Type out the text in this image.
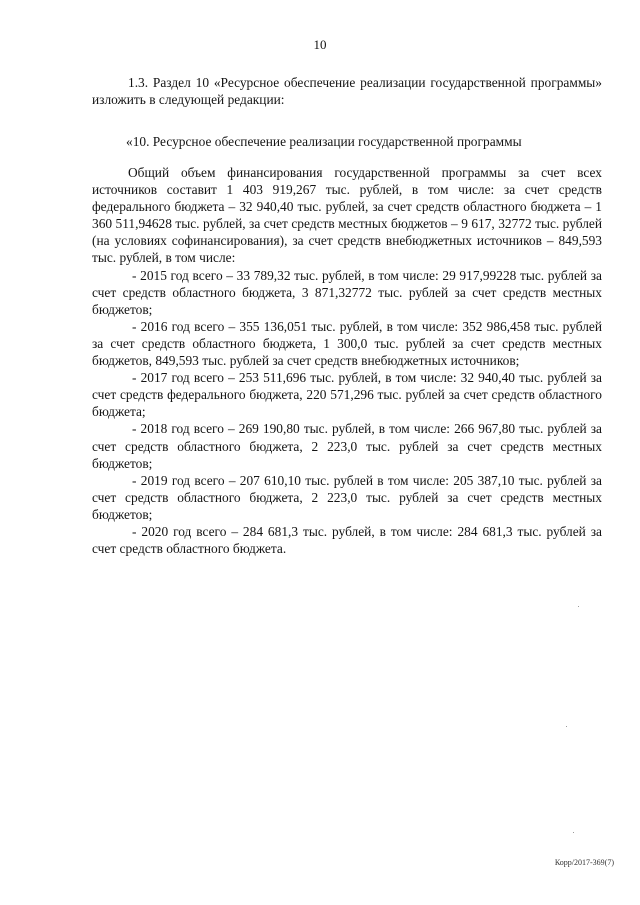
10

1.3. Раздел 10 «Ресурсное обеспечение реализации государственной программы» изложить в следующей редакции:

«10. Ресурсное обеспечение реализации государственной программы

Общий объем финансирования государственной программы за счет всех источников составит 1 403 919,267 тыс. рублей, в том числе: за счет средств федерального бюджета – 32 940,40 тыс. рублей, за счет средств областного бюджета – 1 360 511,94628 тыс. рублей, за счет средств местных бюджетов – 9 617, 32772 тыс. рублей (на условиях софинансирования), за счет средств внебюджетных источников – 849,593 тыс. рублей, в том числе:

- 2015 год всего – 33 789,32 тыс. рублей, в том числе: 29 917,99228 тыс. рублей за счет средств областного бюджета, 3 871,32772 тыс. рублей за счет средств местных бюджетов;

- 2016 год всего – 355 136,051 тыс. рублей, в том числе: 352 986,458 тыс. рублей за счет средств областного бюджета, 1 300,0 тыс. рублей за счет средств местных бюджетов, 849,593 тыс. рублей за счет средств внебюджетных источников;

- 2017 год всего – 253 511,696 тыс. рублей, в том числе: 32 940,40 тыс. рублей за счет средств федерального бюджета, 220 571,296 тыс. рублей за счет средств областного бюджета;

- 2018 год всего – 269 190,80 тыс. рублей, в том числе: 266 967,80 тыс. рублей за счет средств областного бюджета, 2 223,0 тыс. рублей за счет средств местных бюджетов;

- 2019 год всего – 207 610,10 тыс. рублей в том числе: 205 387,10 тыс. рублей за счет средств областного бюджета, 2 223,0 тыс. рублей за счет средств местных бюджетов;

- 2020 год всего – 284 681,3 тыс. рублей, в том числе: 284 681,3 тыс. рублей за счет средств областного бюджета.

Корр/2017-369(7)
